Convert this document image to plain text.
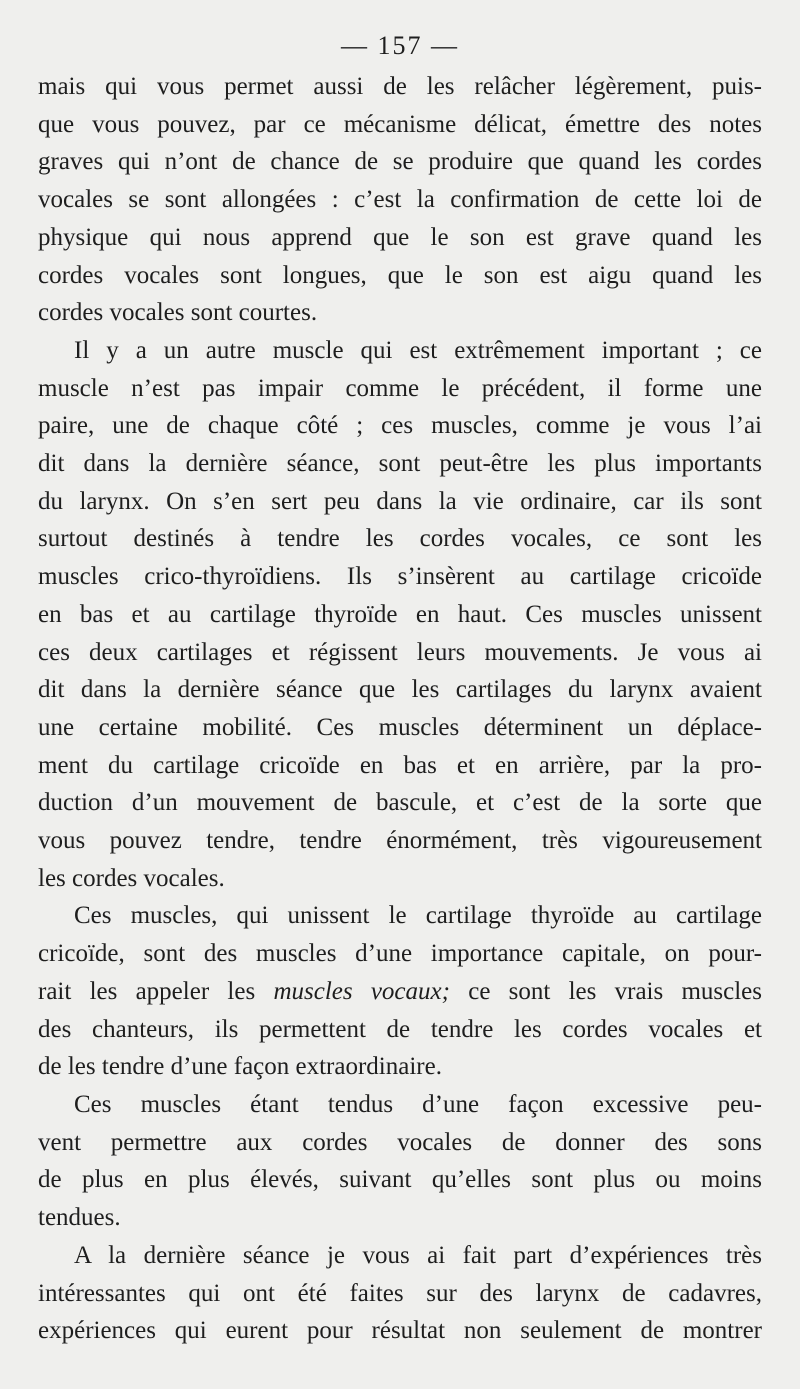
— 157 —

mais qui vous permet aussi de les relâcher légèrement, puis-
que vous pouvez, par ce mécanisme délicat, émettre des notes
graves qui n’ont de chance de se produire que quand les cordes
vocales se sont allongées : c’est la confirmation de cette loi de
physique qui nous apprend que le son est grave quand les
cordes vocales sont longues, que le son est aigu quand les
cordes vocales sont courtes.

Il y a un autre muscle qui est extrêmement important ; ce
muscle n’est pas impair comme le précédent, il forme une
paire, une de chaque côté ; ces muscles, comme je vous l’ai
dit dans la dernière séance, sont peut-être les plus importants
du larynx. On s’en sert peu dans la vie ordinaire, car ils sont
surtout destinés à tendre les cordes vocales, ce sont les
muscles crico-thyroïdiens. Ils s’insèrent au cartilage cricoïde
en bas et au cartilage thyroïde en haut. Ces muscles unissent
ces deux cartilages et régissent leurs mouvements. Je vous ai
dit dans la dernière séance que les cartilages du larynx avaient
une certaine mobilité. Ces muscles déterminent un déplace-
ment du cartilage cricoïde en bas et en arrière, par la pro-
duction d’un mouvement de bascule, et c’est de la sorte que
vous pouvez tendre, tendre énormément, très vigoureusement
les cordes vocales.

Ces muscles, qui unissent le cartilage thyroïde au cartilage
cricoïde, sont des muscles d’une importance capitale, on pour-
rait les appeler les muscles vocaux; ce sont les vrais muscles
des chanteurs, ils permettent de tendre les cordes vocales et
de les tendre d’une façon extraordinaire.

Ces muscles étant tendus d’une façon excessive peu-
vent permettre aux cordes vocales de donner des sons
de plus en plus élevés, suivant qu’elles sont plus ou moins
tendues.

A la dernière séance je vous ai fait part d’expériences très
intéressantes qui ont été faites sur des larynx de cadavres,
expériences qui eurent pour résultat non seulement de montrer
